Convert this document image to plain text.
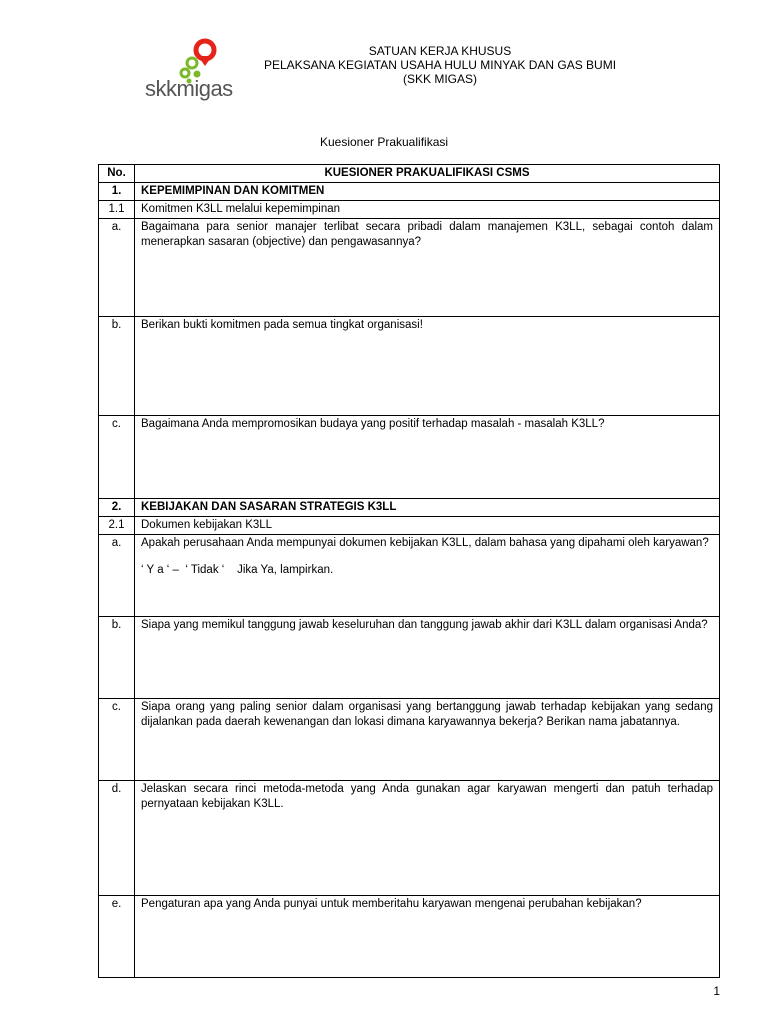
skkmigas
SATUAN KERJA KHUSUS
PELAKSANA KEGIATAN USAHA HULU MINYAK DAN GAS BUMI
(SKK MIGAS)
Kuesioner Prakualifikasi
No.	KUESIONER PRAKUALIFIKASI CSMS
1.	KEPEMIMPINAN DAN KOMITMEN
1.1	Komitmen K3LL melalui kepemimpinan
a.	Bagaimana para senior manajer terlibat secara pribadi dalam manajemen K3LL, sebagai contoh dalam menerapkan sasaran (objective) dan pengawasannya?
b.	Berikan bukti komitmen pada semua tingkat organisasi!
c.	Bagaimana Anda mempromosikan budaya yang positif terhadap masalah - masalah K3LL?
2.	KEBIJAKAN DAN SASARAN STRATEGIS K3LL
2.1	Dokumen kebijakan K3LL
a.	Apakah perusahaan Anda mempunyai dokumen kebijakan K3LL, dalam bahasa yang dipahami oleh karyawan?
‘ Y a ‘ –  ‘ Tidak ‘    Jika Ya, lampirkan.

b.	Siapa yang memikul tanggung jawab keseluruhan dan tanggung jawab akhir dari K3LL dalam organisasi Anda?
c.	Siapa orang yang paling senior dalam organisasi yang bertanggung jawab terhadap kebijakan yang sedang dijalankan pada daerah kewenangan dan lokasi dimana karyawannya bekerja? Berikan nama jabatannya.
d.	Jelaskan secara rinci metoda-metoda yang Anda gunakan agar karyawan mengerti dan patuh terhadap pernyataan kebijakan K3LL.
e.	Pengaturan apa yang Anda punyai untuk memberitahu karyawan mengenai perubahan kebijakan?
1
